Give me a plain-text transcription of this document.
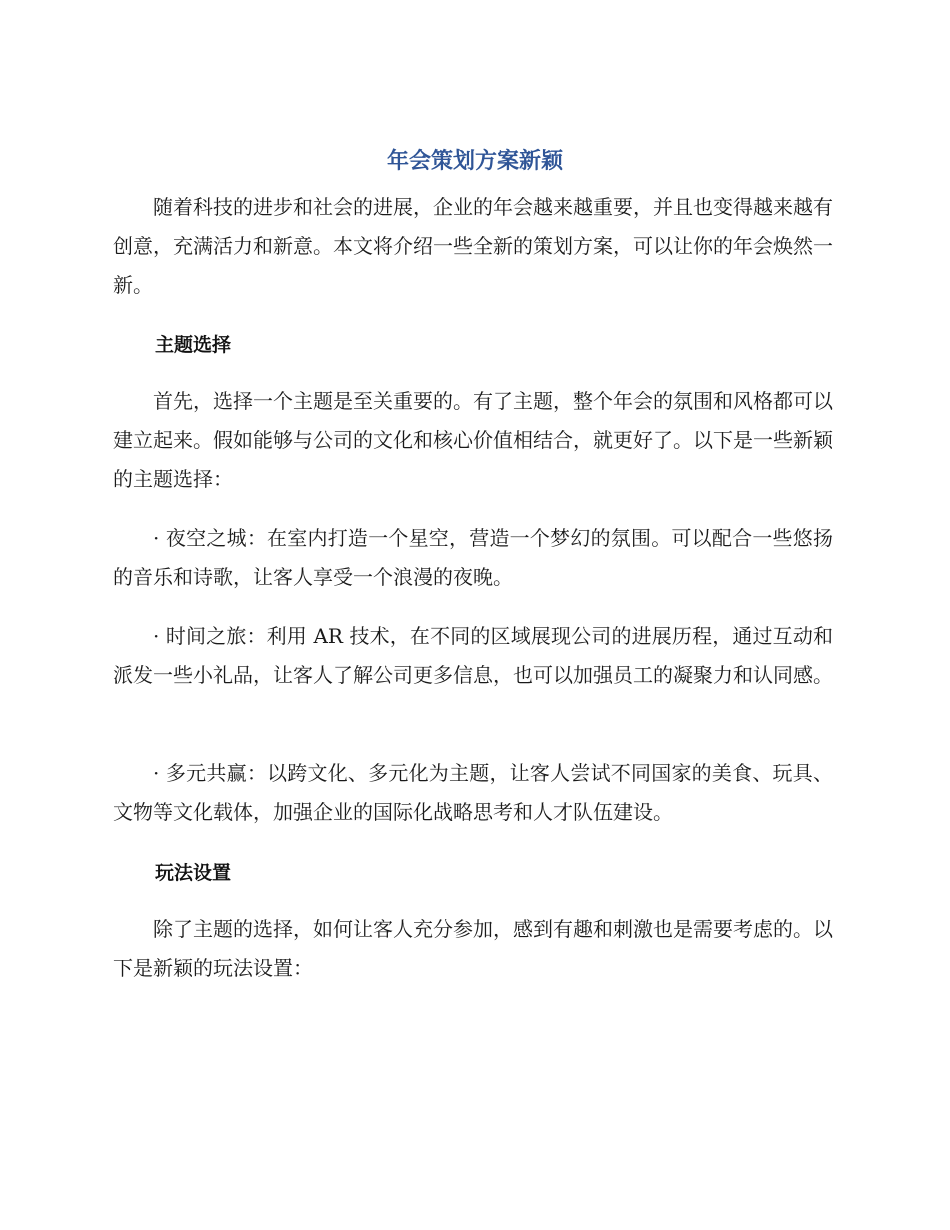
年会策划方案新颖

随着科技的进步和社会的进展，企业的年会越来越重要，并且也变得越来越有创意，充满活力和新意。本文将介绍一些全新的策划方案，可以让你的年会焕然一新。

主题选择

首先，选择一个主题是至关重要的。有了主题，整个年会的氛围和风格都可以建立起来。假如能够与公司的文化和核心价值相结合，就更好了。以下是一些新颖的主题选择：

· 夜空之城：在室内打造一个星空，营造一个梦幻的氛围。可以配合一些悠扬的音乐和诗歌，让客人享受一个浪漫的夜晚。

· 时间之旅：利用 AR 技术，在不同的区域展现公司的进展历程，通过互动和派发一些小礼品，让客人了解公司更多信息，也可以加强员工的凝聚力和认同感。

· 多元共赢：以跨文化、多元化为主题，让客人尝试不同国家的美食、玩具、文物等文化载体，加强企业的国际化战略思考和人才队伍建设。

玩法设置

除了主题的选择，如何让客人充分参加，感到有趣和刺激也是需要考虑的。以下是新颖的玩法设置：
